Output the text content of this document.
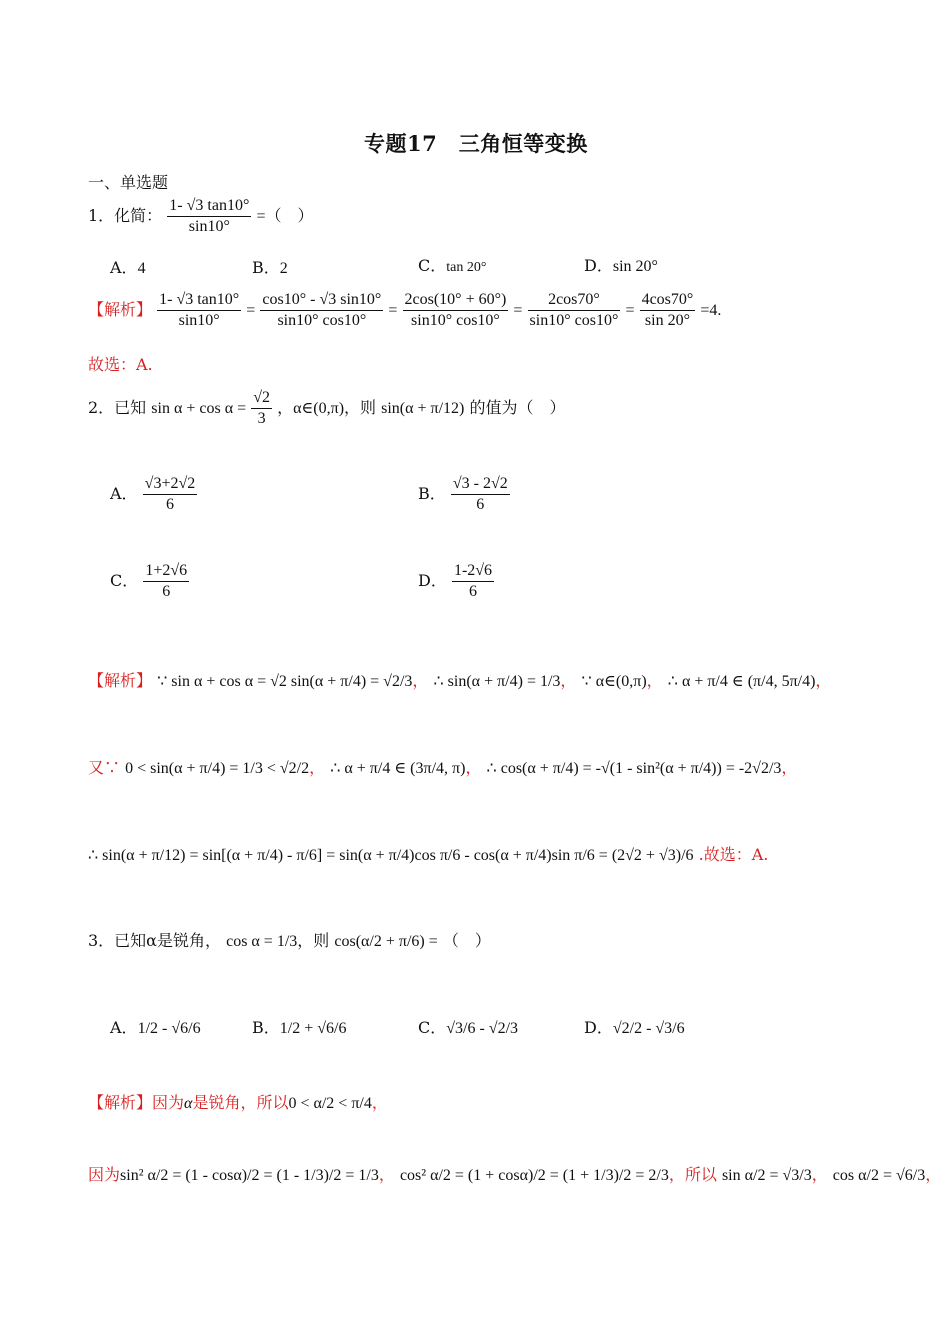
专题17　三角恒等变换
一、单选题
1．化简： $\frac{1- √3 \tan 10^\circ}{\sin 10^\circ}$ =（　）
A．4	B．2	C．tan 20°	D．sin 20°
【解析】 $\frac{1- √3 \tan 10^\circ}{\sin 10^\circ} = \frac{\cos 10^\circ - √3 \sin 10^\circ}{\sin 10^\circ \cos 10^\circ} = \frac{2\cos(10^\circ + 60^\circ)}{\sin 10^\circ \cos 10^\circ} = \frac{2\cos 70^\circ}{\sin 10^\circ \cos 10^\circ} = \frac{4\cos 70^\circ}{\sin 20^\circ} =4$.
故选：A.
2．已知 $\sin \alpha + \cos \alpha = \frac{√2}{3}$ ，α∈(0,π)，则 sin(α + π/12) 的值为（　）
A． $\frac{√3+2√2}{6}$	B． $\frac{√3 - 2√2}{6}$
C． $\frac{1+2√6}{6}$	D． $\frac{1-2√6}{6}$
【解析】 ∵ sin α + cos α = √2 sin(α + π/4) = √2/3， ∴ sin(α + π/4) = 1/3， ∵ α∈(0,π)， ∴ α + π/4 ∈ (π/4, 5π/4)，
又∵ 0 < sin(α + π/4) = 1/3 < √2/2， ∴ α + π/4 ∈ (3π/4, π)， ∴ cos(α + π/4) = -√(1 - sin²(α + π/4)) = -2√2/3，
∴ sin(α + π/12) = sin[(α + π/4) - π/6] = sin(α + π/4)cos π/6 - cos(α + π/4)sin π/6 = (2√2 + √3)/6 .故选：A.
3．已知α是锐角， cos α = 1/3，则 cos(α/2 + π/6) = （　）
A．1/2 - √6/6	B．1/2 + √6/6	C．√3/6 - √2/3	D．√2/2 - √3/6
【解析】因为α是锐角，所以0 < α/2 < π/4，
因为sin² α/2 = (1 - cosα)/2 = (1 - 1/3)/2 = 1/3， cos² α/2 = (1 + cosα)/2 = (1 + 1/3)/2 = 2/3，所以 sin α/2 = √3/3， cos α/2 = √6/3，
